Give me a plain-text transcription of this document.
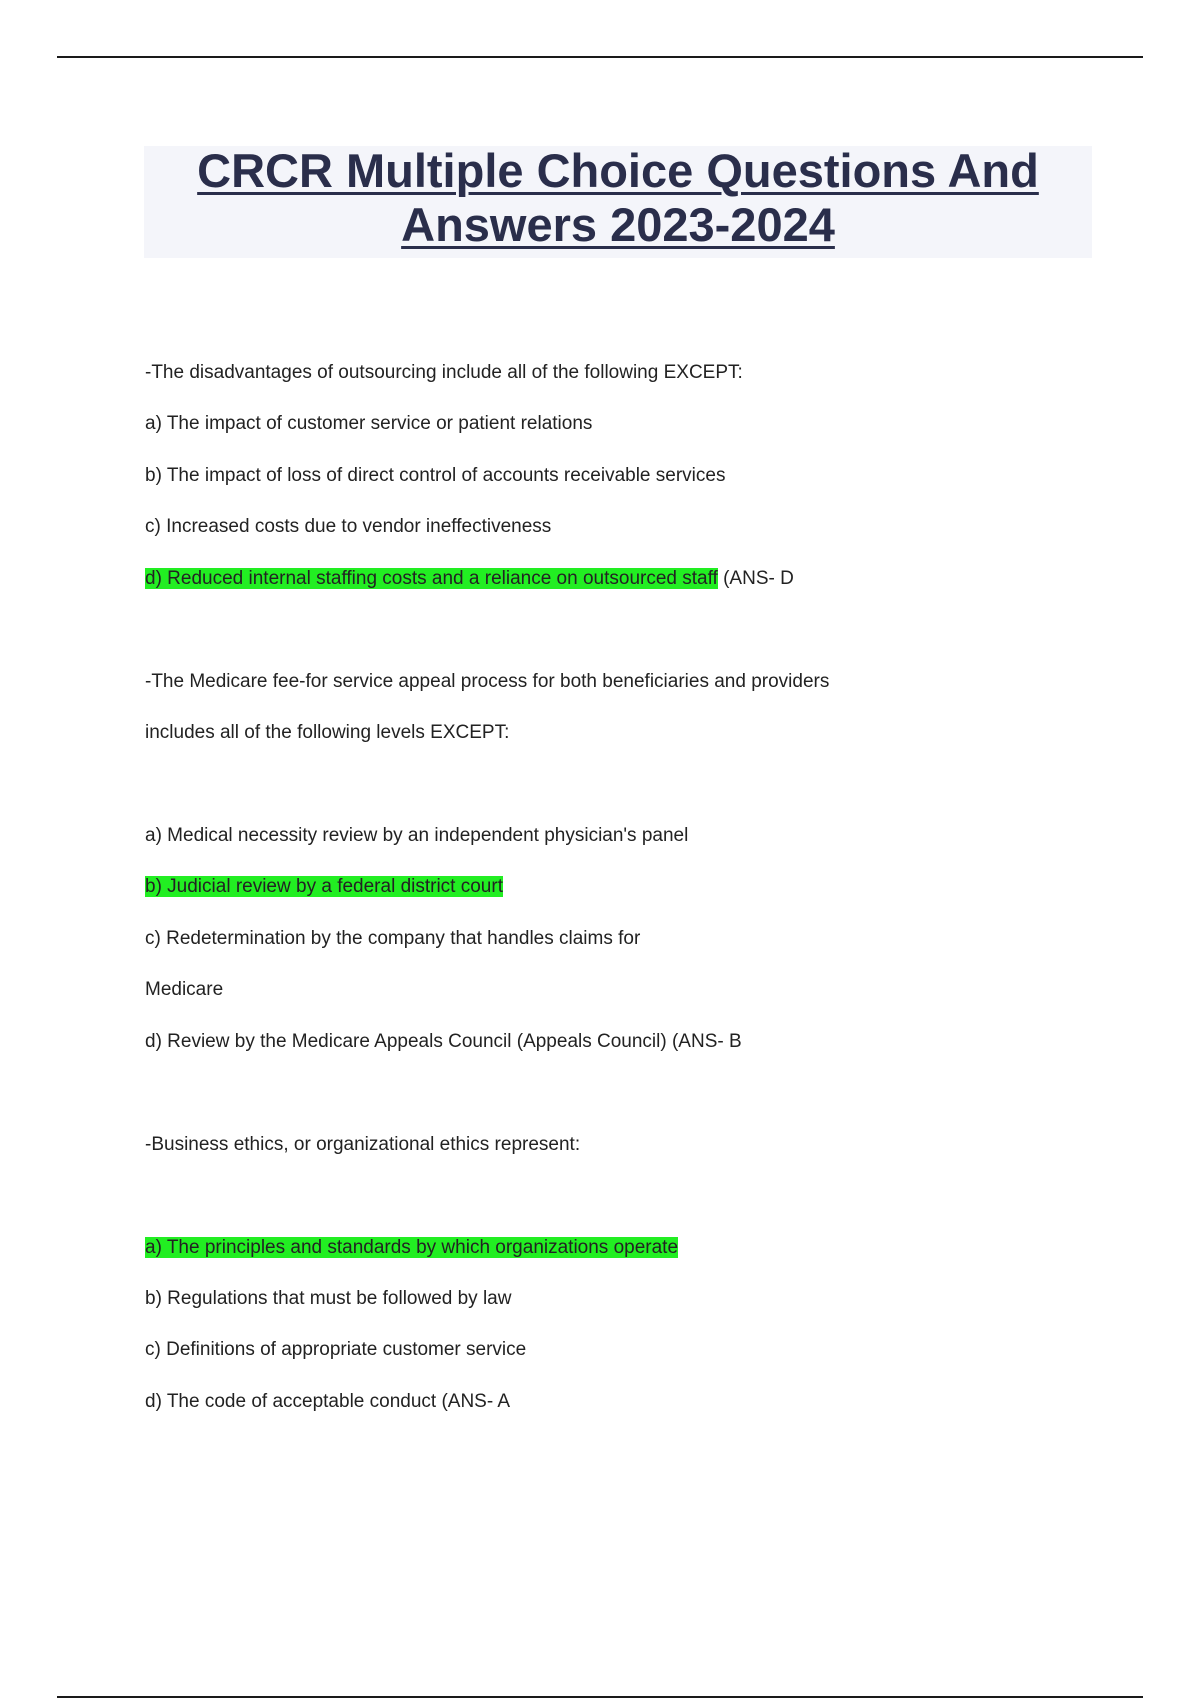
CRCR Multiple Choice Questions And
Answers 2023-2024

-The disadvantages of outsourcing include all of the following EXCEPT:

a) The impact of customer service or patient relations

b) The impact of loss of direct control of accounts receivable services

c) Increased costs due to vendor ineffectiveness

d) Reduced internal staffing costs and a reliance on outsourced staff (ANS- D

-The Medicare fee-for service appeal process for both beneficiaries and providers

includes all of the following levels EXCEPT:

a) Medical necessity review by an independent physician's panel

b) Judicial review by a federal district court

c) Redetermination by the company that handles claims for

Medicare

d) Review by the Medicare Appeals Council (Appeals Council) (ANS- B

-Business ethics, or organizational ethics represent:

a) The principles and standards by which organizations operate

b) Regulations that must be followed by law

c) Definitions of appropriate customer service

d) The code of acceptable conduct (ANS- A
